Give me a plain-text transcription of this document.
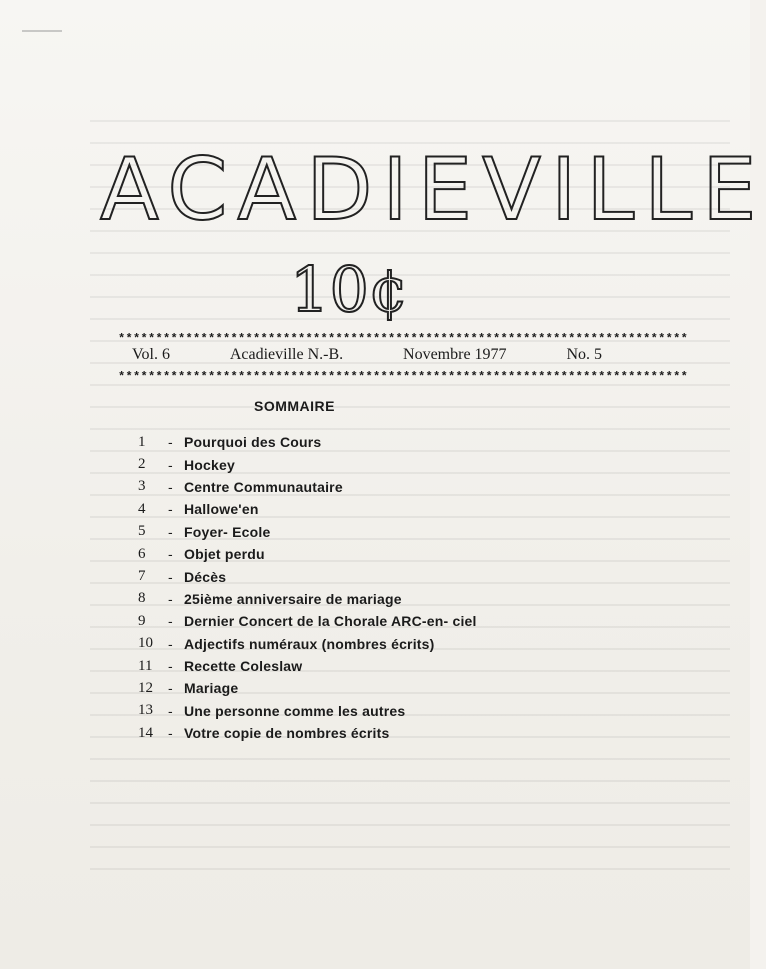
ACADIEVILLE
10¢
****************************************************************************
Vol. 6	Acadieville N.-B.	Novembre 1977	No. 5
****************************************************************************
SOMMAIRE
1	- Pourquoi des Cours
2	- Hockey
3	- Centre Communautaire
4	- Hallowe'en
5	- Foyer- Ecole
6	- Objet perdu
7	- Décès
8	- 25ième anniversaire de mariage
9	- Dernier Concert de la Chorale ARC-en- ciel
10	- Adjectifs numéraux (nombres écrits)
11	- Recette Coleslaw
12	- Mariage
13	- Une personne comme les autres
14	- Votre copie de nombres écrits
